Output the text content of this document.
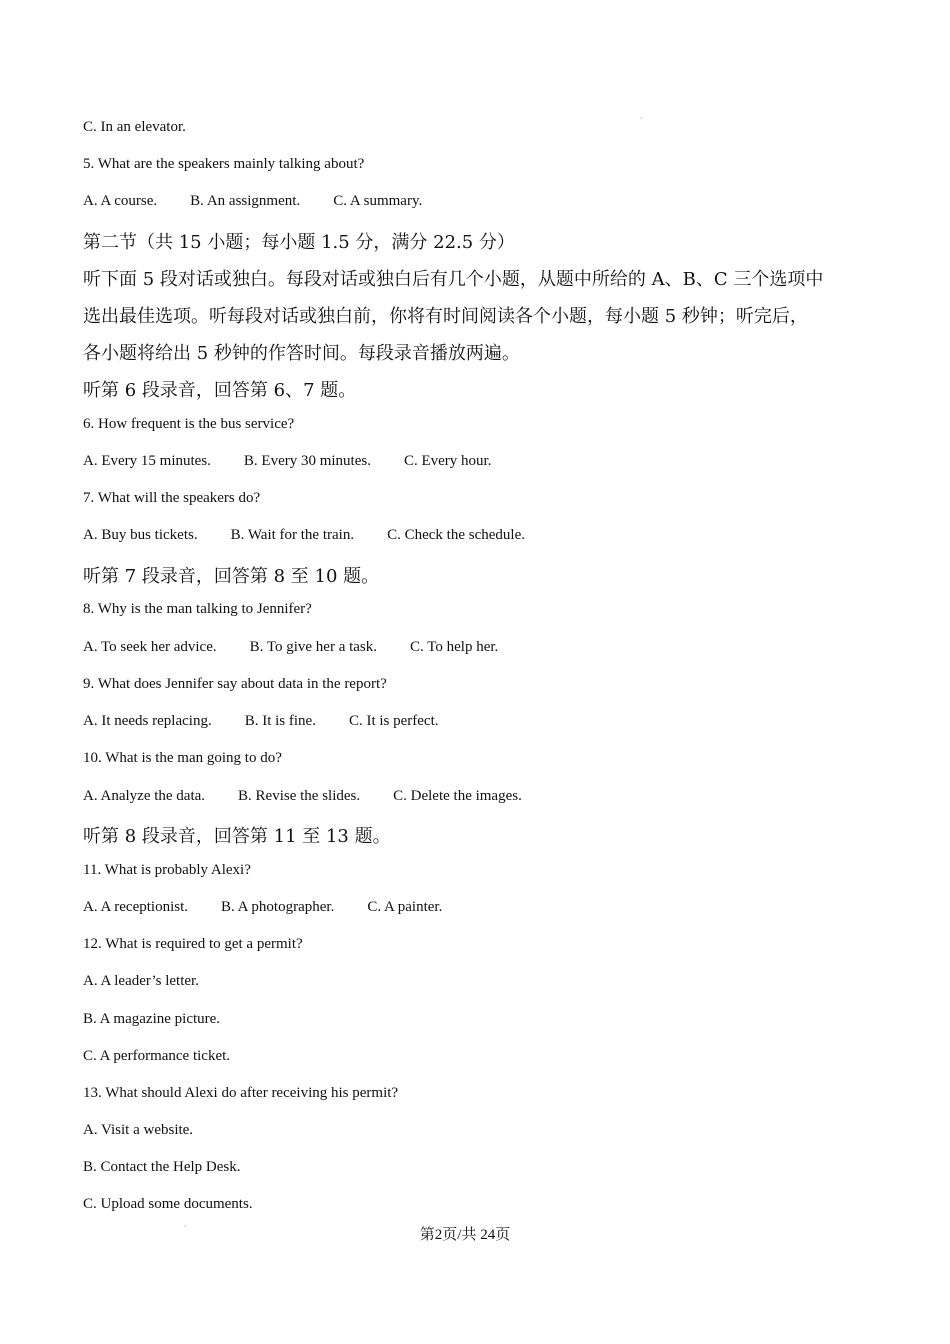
C. In an elevator.
5. What are the speakers mainly talking about?
A. A course. B. An assignment. C. A summary.
第二节（共 15 小题；每小题 1.5 分，满分 22.5 分）
听下面 5 段对话或独白。每段对话或独白后有几个小题，从题中所给的 A、B、C 三个选项中
选出最佳选项。听每段对话或独白前，你将有时间阅读各个小题，每小题 5 秒钟；听完后，
各小题将给出 5 秒钟的作答时间。每段录音播放两遍。
听第 6 段录音，回答第 6、7 题。
6. How frequent is the bus service?
A. Every 15 minutes. B. Every 30 minutes. C. Every hour.
7. What will the speakers do?
A. Buy bus tickets. B. Wait for the train. C. Check the schedule.
听第 7 段录音，回答第 8 至 10 题。
8. Why is the man talking to Jennifer?
A. To seek her advice. B. To give her a task. C. To help her.
9. What does Jennifer say about data in the report?
A. It needs replacing. B. It is fine. C. It is perfect.
10. What is the man going to do?
A. Analyze the data. B. Revise the slides. C. Delete the images.
听第 8 段录音，回答第 11 至 13 题。
11. What is probably Alexi?
A. A receptionist. B. A photographer. C. A painter.
12. What is required to get a permit?
A. A leader’s letter.
B. A magazine picture.
C. A performance ticket.
13. What should Alexi do after receiving his permit?
A. Visit a website.
B. Contact the Help Desk.
C. Upload some documents.
第2页/共 24页
·
·
